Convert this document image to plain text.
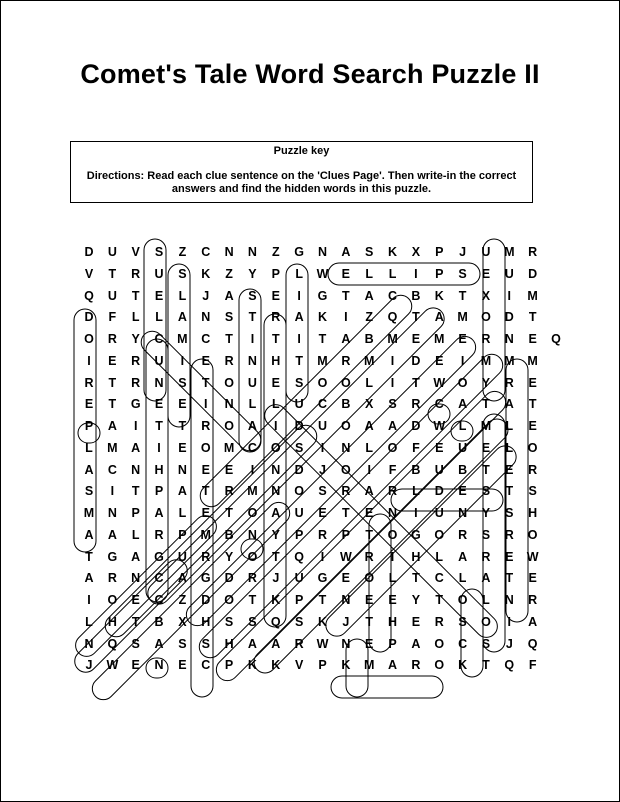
Comet's Tale Word Search Puzzle II
Puzzle key
Directions: Read each clue sentence on the 'Clues Page'. Then write-in the correct answers and find the hidden words in this puzzle.
D	U	V	S	Z	C	N	N	Z	G	N	A	S	K	X	P	J	U	M	R
V	T	R	U	S	K	Z	Y	P	L	W	E	L	L	I	P	S	E	U	D
Q	U	T	E	L	J	A	S	E	I	G	T	A	C	B	K	T	X	I	M
D	F	L	L	A	N	S	T	R	A	K	I	Z	Q	T	A	M	O	D	T
O	R	Y	C	M	C	T	I	T	I	T	A	B	M	E	M	E	R	N	E	Q
I	E	R	U	I	E	R	N	H	T	M	R	M	I	D	E	I	M	M	M
R	T	R	N	S	T	O	U	E	S	O	O	L	I	T	W	O	Y	R	E
E	T	G	E	E	I	N	L	L	U	C	B	X	S	R	C	A	T	A	T
P	A	I	T	T	R	O	A	I	D	U	O	A	A	D	W	L	M	L	E
L	M	A	I	E	O	M	C	O	S	I	N	L	O	F	E	U	E	L	O
A	C	N	H	N	E	E	I	N	D	J	O	I	F	B	U	B	T	E	R
S	I	T	P	A	T	R	M	N	O	S	R	A	R	L	D	E	S	T	S
M	N	P	A	L	E	T	O	A	U	E	T	E	N	I	U	N	Y	S	H
A	A	L	R	P	M	B	N	Y	P	R	P	T	O	G	O	R	S	R	O
T	G	A	G	U	R	Y	O	T	Q	I	W	R	I	H	L	A	R	E	W
A	R	N	C	A	G	D	R	J	U	G	E	O	L	T	C	L	A	T	E
I	O	E	C	Z	D	O	T	K	P	T	N	E	E	Y	T	O	L	N	R
L	H	T	B	X	H	S	S	Q	S	K	J	T	H	E	R	S	O	I	A
N	Q	S	A	S	S	H	A	A	R	W	N	E	P	A	O	C	S	J	Q
J	W	E	N	E	C	P	K	K	V	P	K	M	A	R	O	K	T	Q	F
